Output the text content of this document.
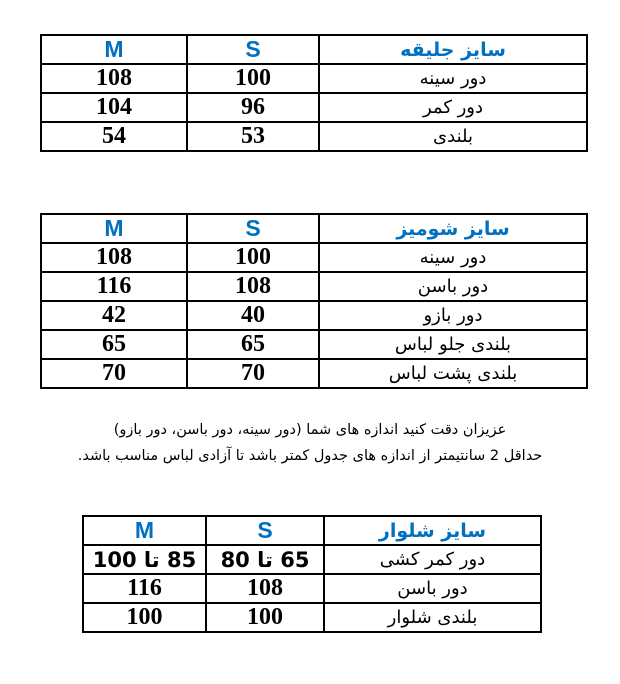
M	S	سایز جلیقه
108	100	دور سینه
104	96	دور کمر
54	53	بلندی
M	S	سایز شومیز
108	100	دور سینه
116	108	دور باسن
42	40	دور بازو
65	65	بلندی جلو لباس
70	70	بلندی پشت لباس
عزیزان دقت کنید اندازه های شما (دور سینه، دور باسن، دور بازو)
حداقل 2 سانتیمتر از اندازه های جدول کمتر باشد تا آزادی لباس مناسب باشد.
M	S	سایز شلوار
85 تا 100	65 تا 80	دور کمر کشی
116	108	دور باسن
100	100	بلندی شلوار
